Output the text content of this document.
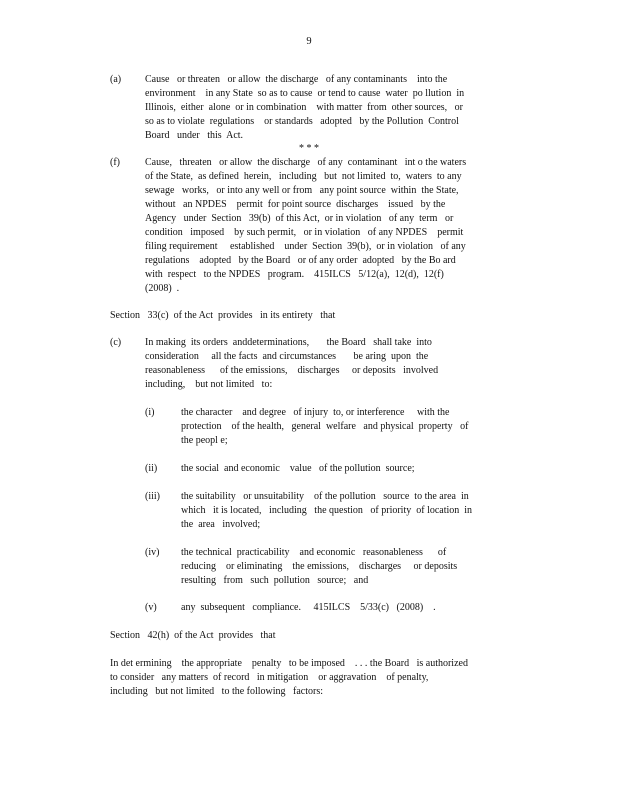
9
(a) Cause   or threaten   or allow  the discharge   of any contaminants    into the
environment    in any State  so as to cause  or tend to cause  water  po llution  in
Illinois,  either  alone  or in combination    with matter  from  other sources,   or
so as to violate  regulations    or standards   adopted   by the Pollution  Control
Board   under   this  Act.
* * *
(f)	Cause,   threaten   or allow  the discharge   of any  contaminant   int o the waters
of the State,  as defined  herein,   including   but  not limited  to,  waters  to any
sewage   works,   or into any well or from   any point source  within  the State,
without   an NPDES    permit  for point source  discharges    issued   by the
Agency   under  Section   39(b)  of this Act,  or in violation   of any  term   or
condition   imposed    by such permit,   or in violation   of any NPDES    permit
filing requirement     established    under  Section  39(b),  or in violation   of any
regulations    adopted   by the Board   or of any order  adopted   by the Bo ard
with  respect   to the NPDES   program.    415ILCS   5/12(a),  12(d),  12(f)
(2008)  .
Section   33(c)  of the Act  provides   in its entirety   that
(c) In making  its orders  anddeterminations,       the Board   shall take  into
consideration     all the facts  and circumstances       be aring  upon  the
reasonableness      of the emissions,    discharges     or deposits   involved
including,    but not limited   to:
(i)	the character    and degree   of injury  to, or interference     with the
protection    of the health,   general  welfare   and physical  property   of
the peopl e;
(ii) the social  and economic    value   of the pollution  source;
(iii) the suitability   or unsuitability    of the pollution   source  to the area  in
which   it is located,   including   the question   of priority  of location  in
the  area   involved;
(iv) the technical  practicability    and economic   reasonableness      of
reducing    or eliminating    the emissions,    discharges     or deposits
resulting   from   such  pollution   source;   and
(v) any  subsequent   compliance.     415ILCS    5/33(c)   (2008)    .
Section   42(h)  of the Act  provides   that
In det ermining    the appropriate    penalty   to be imposed    . . . the Board   is authorized
to consider   any matters  of record   in mitigation    or aggravation    of penalty,
including   but not limited   to the following   factors:
